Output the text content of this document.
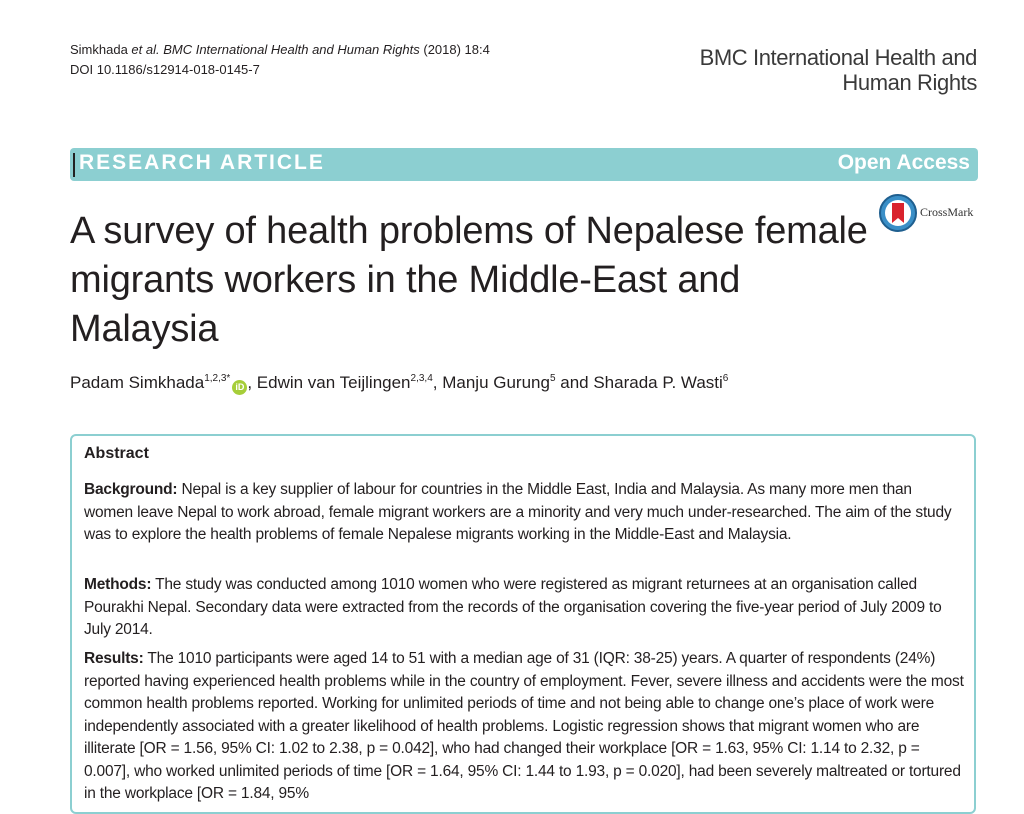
Simkhada et al. BMC International Health and Human Rights (2018) 18:4
DOI 10.1186/s12914-018-0145-7	BMC International Health and
Human Rights
RESEARCH ARTICLE	Open Access
CrossMark
A survey of health problems of Nepalese female migrants workers in the Middle-East and Malaysia
Padam Simkhada$^{1,2,3*}$iD , Edwin van Teijlingen$^{2,3,4}$, Manju Gurung$^5$ and Sharada P. Wasti$^6$
Abstract

Background: Nepal is a key supplier of labour for countries in the Middle East, India and Malaysia. As many more men than women leave Nepal to work abroad, female migrant workers are a minority and very much under-researched. The aim of the study was to explore the health problems of female Nepalese migrants working in the Middle-East and Malaysia.

Methods: The study was conducted among 1010 women who were registered as migrant returnees at an organisation called Pourakhi Nepal. Secondary data were extracted from the records of the organisation covering the five-year period of July 2009 to July 2014.

Results: The 1010 participants were aged 14 to 51 with a median age of 31 (IQR: 38-25) years. A quarter of respondents (24%) reported having experienced health problems while in the country of employment. Fever, severe illness and accidents were the most common health problems reported. Working for unlimited periods of time and not being able to change one’s place of work were independently associated with a greater likelihood of health problems. Logistic regression shows that migrant women who are illiterate [OR = 1.56, 95% CI: 1.02 to 2.38, p = 0.042], who had changed their workplace [OR = 1.63, 95% CI: 1.14 to 2.32, p = 0.007], who worked unlimited periods of time [OR = 1.64, 95% CI: 1.44 to 1.93, p = 0.020], had been severely maltreated or tortured in the workplace [OR = 1.84, 95%
